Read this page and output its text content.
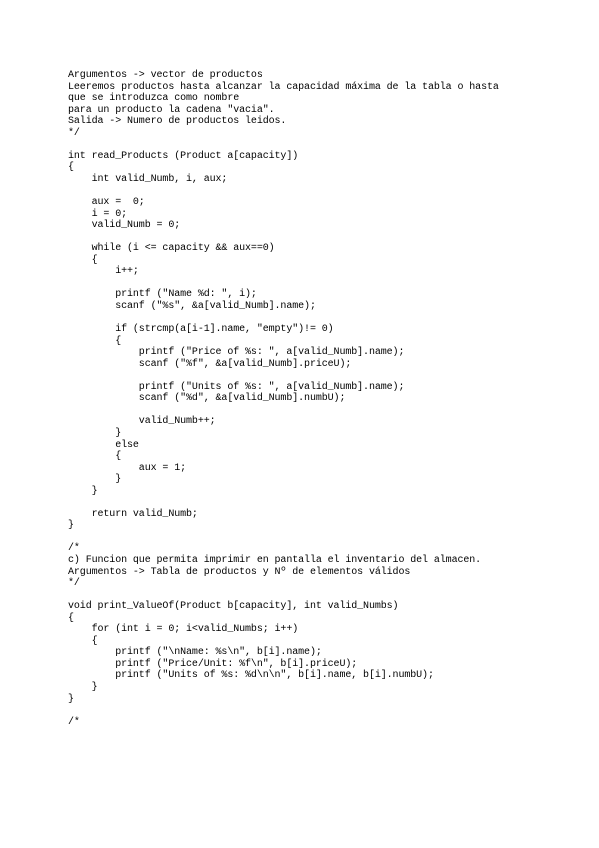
Argumentos -> vector de productos
Leeremos productos hasta alcanzar la capacidad máxima de la tabla o hasta
que se introduzca como nombre
para un producto la cadena "vacia".
Salida -> Numero de productos leidos.
*/
int read_Products (Product a[capacity])
{
int valid_Numb, i, aux;
aux =  0;
i = 0;
valid_Numb = 0;
while (i <= capacity && aux==0)
{
i++;
printf ("Name %d: ", i);
scanf ("%s", &a[valid_Numb].name);
if (strcmp(a[i-1].name, "empty")!= 0)
{
printf ("Price of %s: ", a[valid_Numb].name);
scanf ("%f", &a[valid_Numb].priceU);
printf ("Units of %s: ", a[valid_Numb].name);
scanf ("%d", &a[valid_Numb].numbU);
valid_Numb++;
}
else
{
aux = 1;
}
}
return valid_Numb;
}
/*
c) Funcion que permita imprimir en pantalla el inventario del almacen.
Argumentos -> Tabla de productos y Nº de elementos válidos
*/
void print_ValueOf(Product b[capacity], int valid_Numbs)
{
for (int i = 0; i<valid_Numbs; i++)
{
printf ("\nName: %s\n", b[i].name);
printf ("Price/Unit: %f\n", b[i].priceU);
printf ("Units of %s: %d\n\n", b[i].name, b[i].numbU);
}
}
/*
